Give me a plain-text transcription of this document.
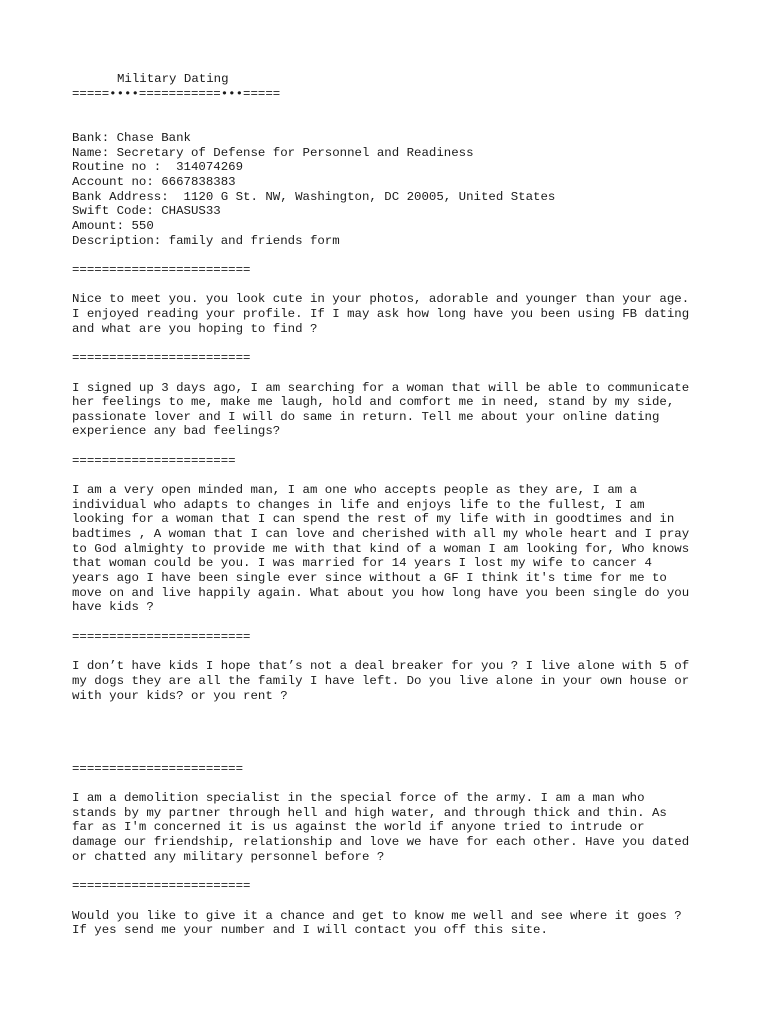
Military Dating

=====••••===========•••=====

Bank: Chase Bank

Name: Secretary of Defense for Personnel and Readiness

Routine no :  314074269

Account no: 6667838383

Bank Address:  1120 G St. NW, Washington, DC 20005, United States

Swift Code: CHASUS33

Amount: 550

Description: family and friends form

========================

Nice to meet you. you look cute in your photos, adorable and younger than your age.

I enjoyed reading your profile. If I may ask how long have you been using FB dating

and what are you hoping to find ?

========================

I signed up 3 days ago, I am searching for a woman that will be able to communicate

her feelings to me, make me laugh, hold and comfort me in need, stand by my side,

passionate lover and I will do same in return. Tell me about your online dating

experience any bad feelings?

======================

I am a very open minded man, I am one who accepts people as they are, I am a

individual who adapts to changes in life and enjoys life to the fullest, I am

looking for a woman that I can spend the rest of my life with in goodtimes and in

badtimes , A woman that I can love and cherished with all my whole heart and I pray

to God almighty to provide me with that kind of a woman I am looking for, Who knows

that woman could be you. I was married for 14 years I lost my wife to cancer 4

years ago I have been single ever since without a GF I think it's time for me to

move on and live happily again. What about you how long have you been single do you

have kids ?

========================

I don’t have kids I hope that’s not a deal breaker for you ? I live alone with 5 of

my dogs they are all the family I have left. Do you live alone in your own house or

with your kids? or you rent ?

=======================

I am a demolition specialist in the special force of the army. I am a man who

stands by my partner through hell and high water, and through thick and thin. As

far as I'm concerned it is us against the world if anyone tried to intrude or

damage our friendship, relationship and love we have for each other. Have you dated

or chatted any military personnel before ?

========================

Would you like to give it a chance and get to know me well and see where it goes ?

If yes send me your number and I will contact you off this site.
